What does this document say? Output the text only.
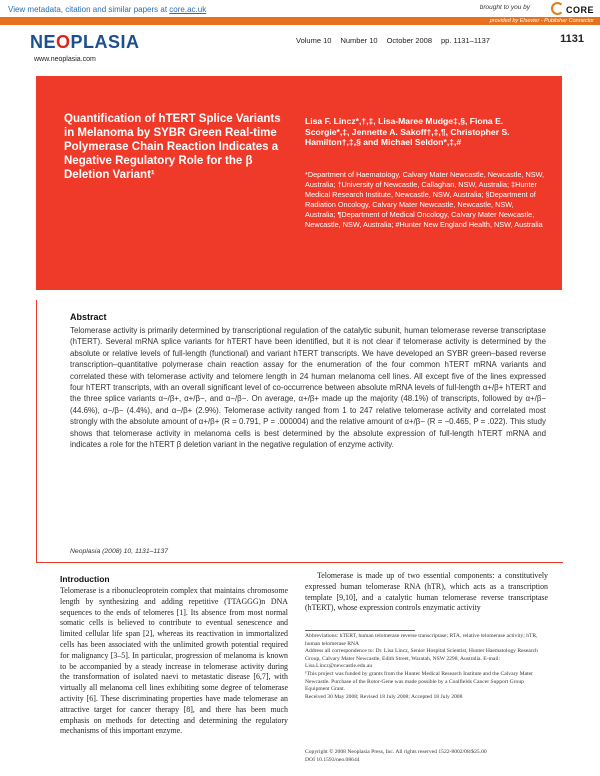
View metadata, citation and similar papers at core.ac.uk	brought to you by	CORE
provided by Elsevier - Publisher Connector
NEOPLASIA
www.neoplasia.com
Volume 10 Number 10 October 2008 pp. 1131–1137	1131
Quantification of hTERT Splice Variants in Melanoma by SYBR Green Real-time Polymerase Chain Reaction Indicates a Negative Regulatory Role for the β Deletion Variant¹
Lisa F. Lincz*,†,‡, Lisa-Maree Mudge‡,§, Fiona E. Scorgie*,‡, Jennette A. Sakoff†,‡,¶, Christopher S. Hamilton†,‡,§ and Michael Seldon*,‡,#
*Department of Haematology, Calvary Mater Newcastle, Newcastle, NSW, Australia; †University of Newcastle, Callaghan, NSW, Australia; ‡Hunter Medical Research Institute, Newcastle, NSW, Australia; §Department of Radiation Oncology, Calvary Mater Newcastle, Newcastle, NSW, Australia; ¶Department of Medical Oncology, Calvary Mater Newcastle, Newcastle, NSW, Australia; #Hunter New England Health, NSW, Australia
Abstract
Telomerase activity is primarily determined by transcriptional regulation of the catalytic subunit, human telomerase reverse transcriptase (hTERT). Several mRNA splice variants for hTERT have been identified, but it is not clear if telomerase activity is determined by the absolute or relative levels of full-length (functional) and variant hTERT transcripts. We have developed an SYBR green–based reverse transcription–quantitative polymerase chain reaction assay for the enumeration of the four common hTERT mRNA variants and correlated these with telomerase activity and telomere length in 24 human melanoma cell lines. All except five of the lines expressed four hTERT transcripts, with an overall significant level of co-occurrence between absolute mRNA levels of full-length α+/β+ hTERT and the three splice variants α−/β+, α+/β−, and α−/β−. On average, α+/β+ made up the majority (48.1%) of transcripts, followed by α+/β− (44.6%), α−/β− (4.4%), and α−/β+ (2.9%). Telomerase activity ranged from 1 to 247 relative telomerase activity and correlated most strongly with the absolute amount of α+/β+ (R = 0.791, P = .000004) and the relative amount of α+/β− (R = −0.465, P = .022). This study shows that telomerase activity in melanoma cells is best determined by the absolute expression of full-length hTERT mRNA and indicates a role for the hTERT β deletion variant in the negative regulation of enzyme activity.
Neoplasia (2008) 10, 1131–1137
Introduction

Telomerase is a ribonucleoprotein complex that maintains chromosome length by synthesizing and adding repetitive (TTAGGG)n DNA sequences to the ends of telomeres [1]. Its absence from most normal somatic cells is believed to contribute to eventual senescence and limited cellular life span [2], whereas its reactivation in immortalized cells has been associated with the unlimited growth potential required for malignancy [3–5]. In particular, progression of melanoma is known to be accompanied by a steady increase in telomerase activity during the transformation of isolated naevi to metastatic disease [6,7], with virtually all melanoma cell lines exhibiting some degree of telomerase activity [6]. These discriminating properties have made telomerase an attractive target for cancer therapy [8], and there has been much emphasis on methods for detecting and determining the regulatory mechanisms of this important enzyme.

Telomerase is made up of two essential components: a constitutively expressed human telomerase RNA (hTR), which acts as a transcription template [9,10], and a catalytic human telomerase reverse transcriptase (hTERT), whose expression controls enzymatic activity

Abbreviations: hTERT, human telomerase reverse transcriptase; RTA, relative telomerase activity; hTR, human telomerase RNA

Address all correspondence to: Dr. Lisa Lincz, Senior Hospital Scientist, Hunter Haematology Research Group, Calvary Mater Newcastle, Edith Street, Waratah, NSW 2298, Australia. E-mail: Lisa.Lincz@newcastle.edu.au

¹This project was funded by grants from the Hunter Medical Research Institute and the Calvary Mater Newcastle. Purchase of the Rotor-Gene was made possible by a Coalfields Cancer Support Group Equipment Grant.

Received 30 May 2008; Revised 18 July 2008; Accepted 18 July 2008

Copyright © 2008 Neoplasia Press, Inc. All rights reserved 1522-8002/08/$25.00

DOI 10.1593/neo.08644
